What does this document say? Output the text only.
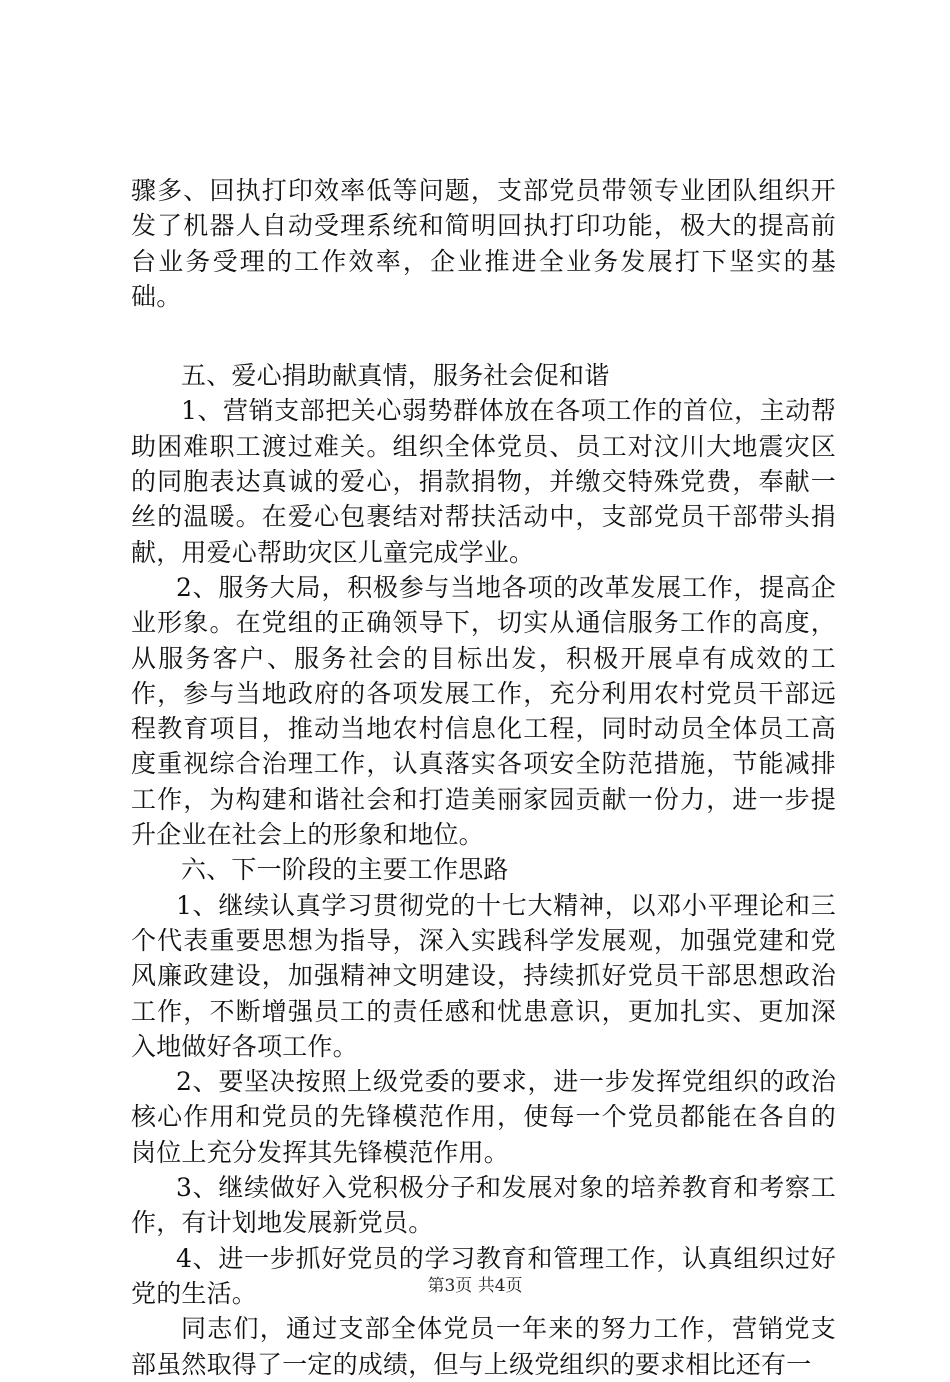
骤多、回执打印效率低等问题，支部党员带领专业团队组织开发了机器人自动受理系统和简明回执打印功能，极大的提高前台业务受理的工作效率，企业推进全业务发展打下坚实的基础。

五、爱心捐助献真情，服务社会促和谐

1、营销支部把关心弱势群体放在各项工作的首位，主动帮助困难职工渡过难关。组织全体党员、员工对汶川大地震灾区的同胞表达真诚的爱心，捐款捐物，并缴交特殊党费，奉献一丝的温暖。在爱心包裹结对帮扶活动中，支部党员干部带头捐献，用爱心帮助灾区儿童完成学业。

2、服务大局，积极参与当地各项的改革发展工作，提高企业形象。在党组的正确领导下，切实从通信服务工作的高度，从服务客户、服务社会的目标出发，积极开展卓有成效的工作，参与当地政府的各项发展工作，充分利用农村党员干部远程教育项目，推动当地农村信息化工程，同时动员全体员工高度重视综合治理工作，认真落实各项安全防范措施，节能减排工作，为构建和谐社会和打造美丽家园贡献一份力，进一步提升企业在社会上的形象和地位。

六、下一阶段的主要工作思路

1、继续认真学习贯彻党的十七大精神，以邓小平理论和三个代表重要思想为指导，深入实践科学发展观，加强党建和党风廉政建设，加强精神文明建设，持续抓好党员干部思想政治工作，不断增强员工的责任感和忧患意识，更加扎实、更加深入地做好各项工作。

2、要坚决按照上级党委的要求，进一步发挥党组织的政治核心作用和党员的先锋模范作用，使每一个党员都能在各自的岗位上充分发挥其先锋模范作用。

3、继续做好入党积极分子和发展对象的培养教育和考察工作，有计划地发展新党员。

4、进一步抓好党员的学习教育和管理工作，认真组织过好党的生活。

同志们，通过支部全体党员一年来的努力工作，营销党支部虽然取得了一定的成绩，但与上级党组织的要求相比还有一

第3页 共4页
